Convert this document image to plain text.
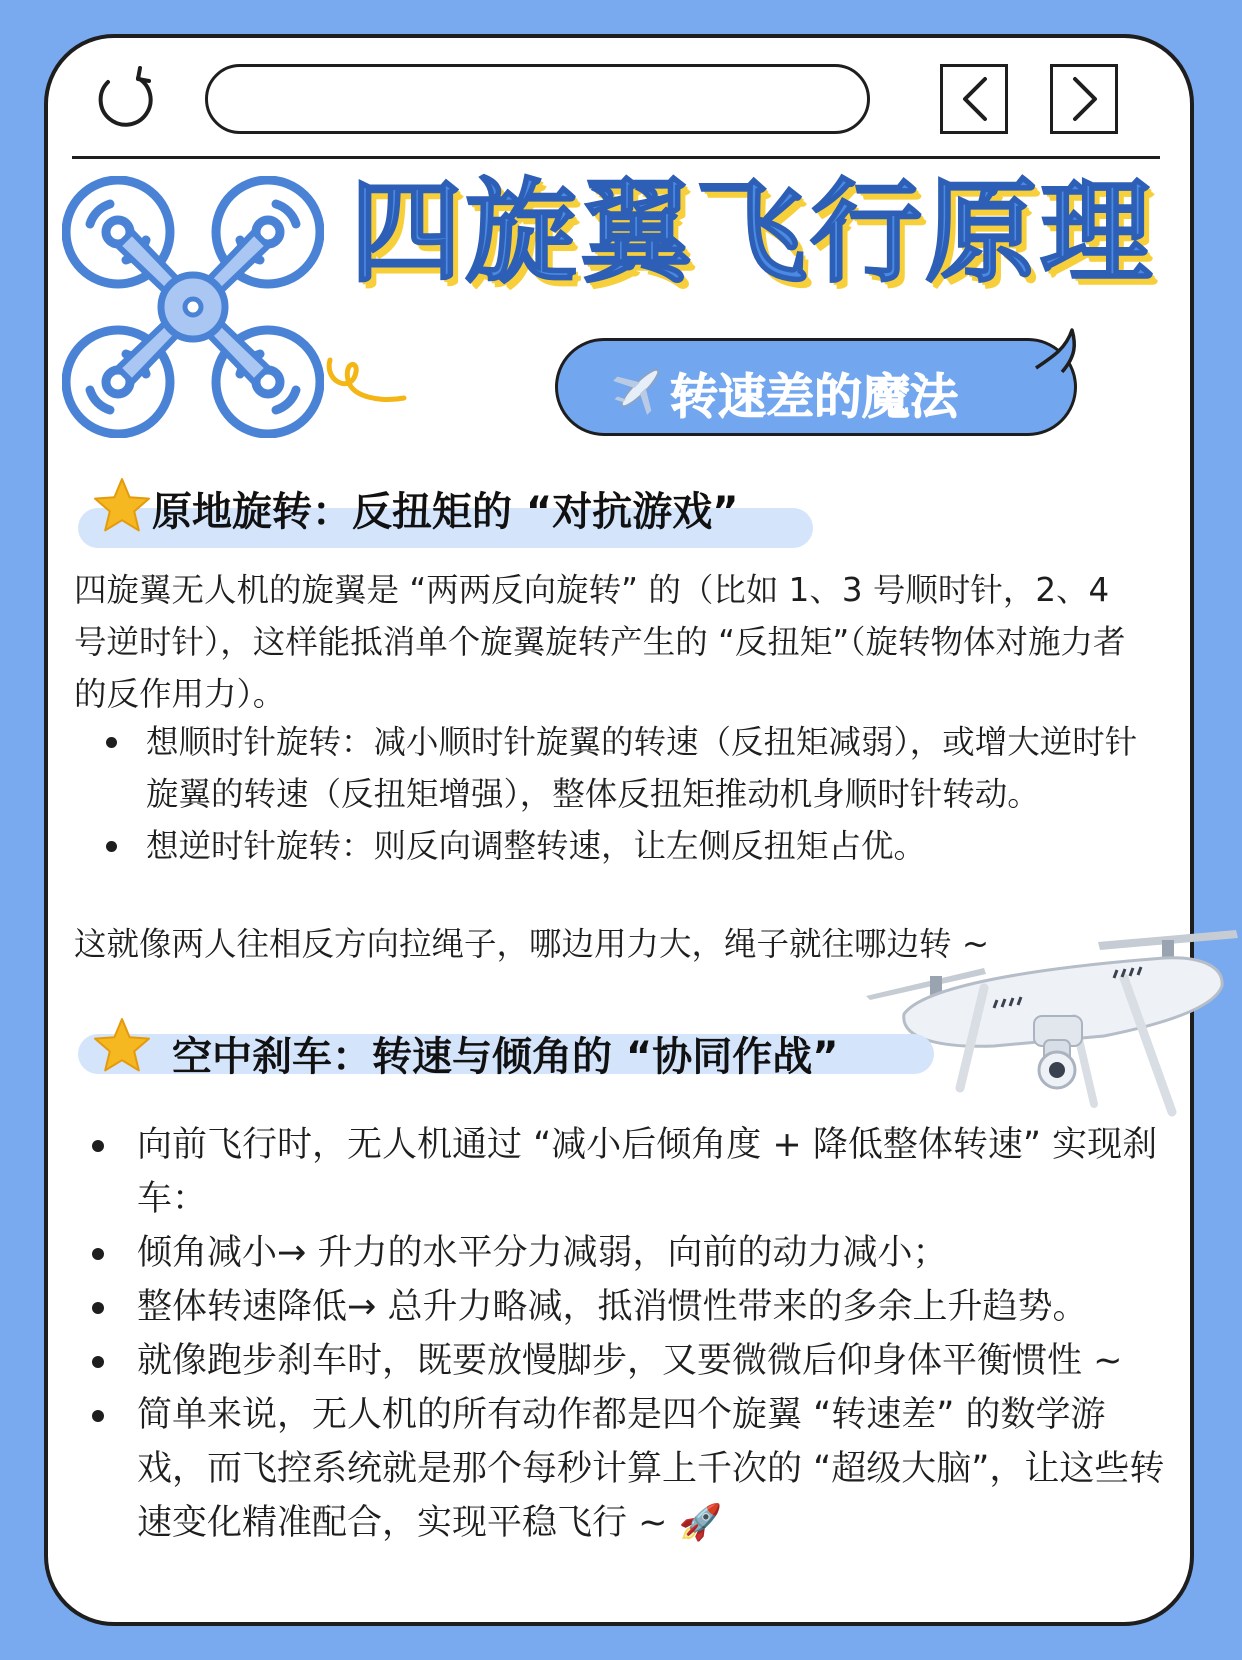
四旋翼飞行原理
转速差的魔法
原地旋转：反扭矩的 “对抗游戏”

四旋翼无人机的旋翼是 “两两反向旋转” 的（比如 1、3 号顺时针，2、4 号逆时针），这样能抵消单个旋翼旋转产生的 “反扭矩”（旋转物体对施力者的反作用力）。

想顺时针旋转：减小顺时针旋翼的转速（反扭矩减弱），或增大逆时针旋翼的转速（反扭矩增强），整体反扭矩推动机身顺时针转动。
想逆时针旋转：则反向调整转速，让左侧反扭矩占优。

这就像两人往相反方向拉绳子，哪边用力大，绳子就往哪边转 ~

空中刹车：转速与倾角的 “协同作战”
向前飞行时，无人机通过 “减小后倾角度 + 降低整体转速” 实现刹车：
倾角减小→ 升力的水平分力减弱，向前的动力减小；
整体转速降低→ 总升力略减，抵消惯性带来的多余上升趋势。
就像跑步刹车时，既要放慢脚步，又要微微后仰身体平衡惯性 ~
简单来说，无人机的所有动作都是四个旋翼 “转速差” 的数学游戏，而飞控系统就是那个每秒计算上千次的 “超级大脑”，让这些转速变化精准配合，实现平稳飞行 ~ 🚀
